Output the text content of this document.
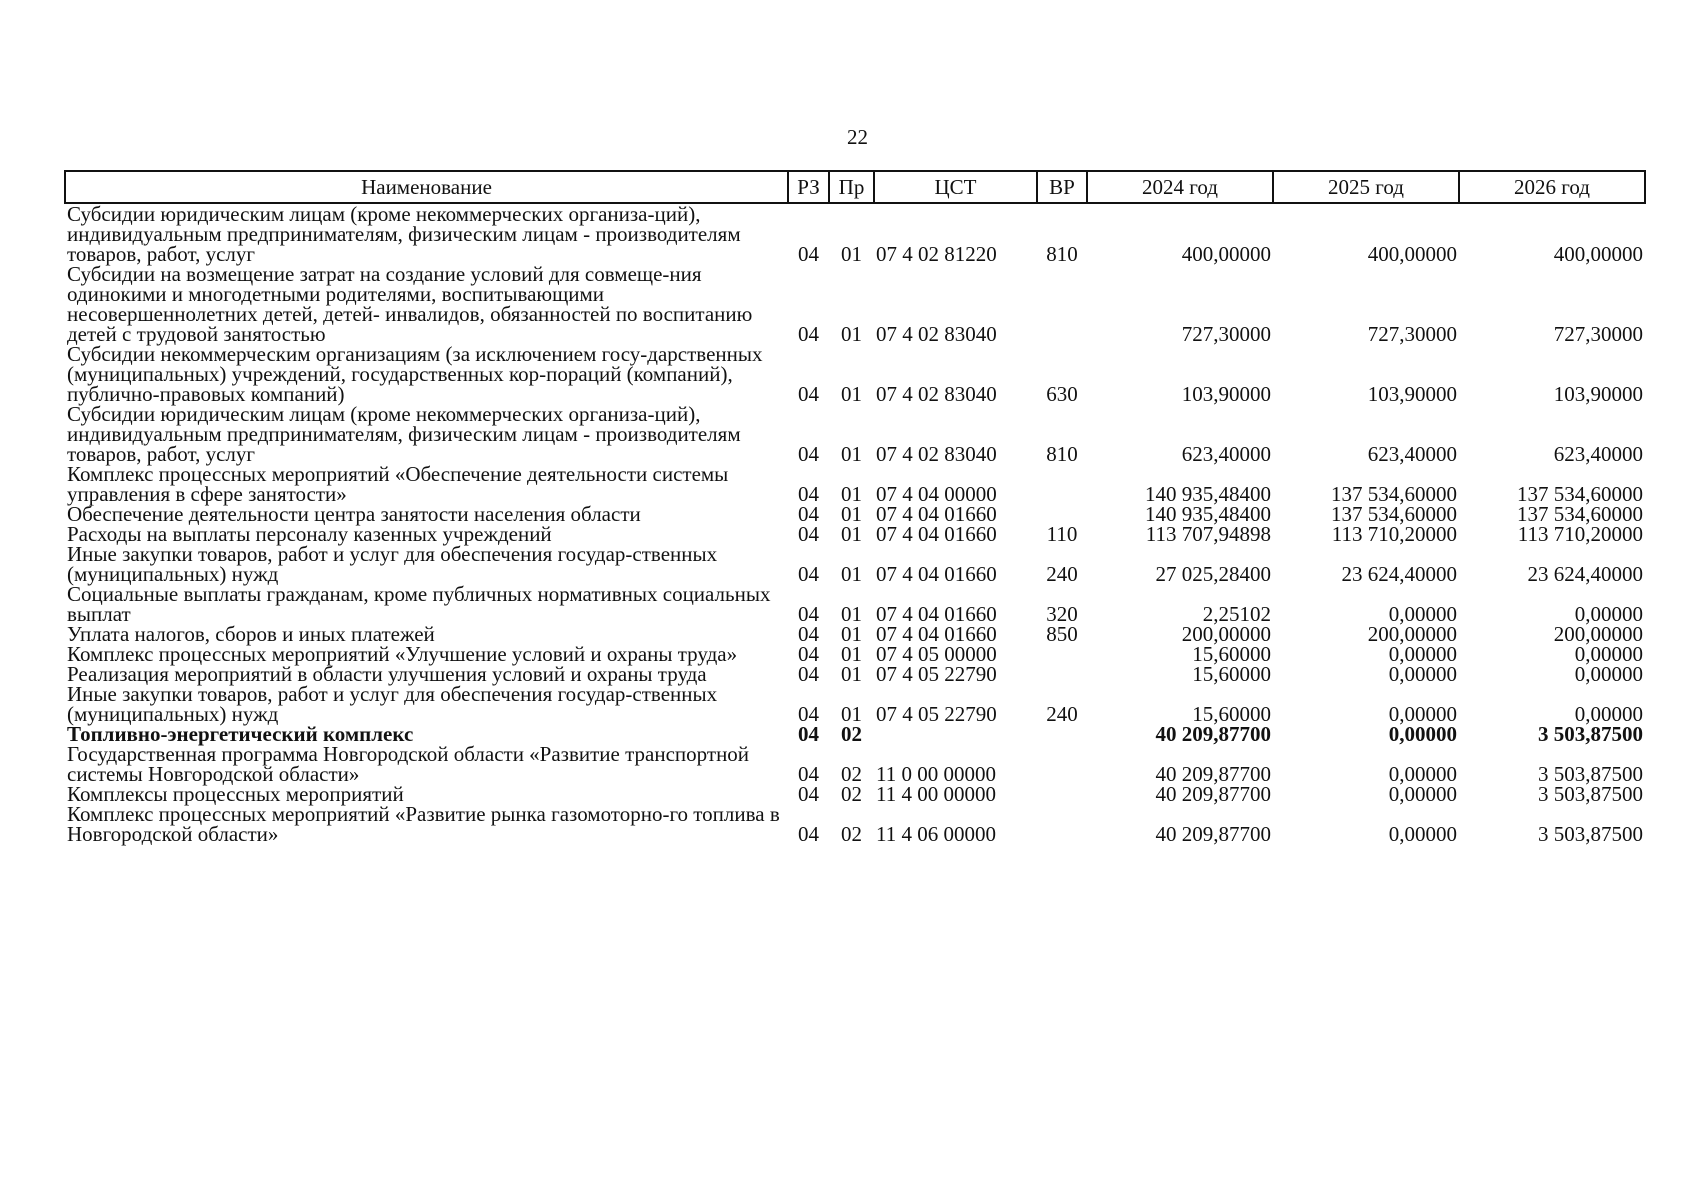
22
Наименование	РЗ	Пр	ЦСТ	ВР	2024 год	2025 год	2026 год
Субсидии юридическим лицам (кроме некоммерческих организа-ций), индивидуальным предпринимателям, физическим лицам - производителям товаров, работ, услуг	04	01	07 4 02 81220	810	400,00000	400,00000	400,00000
Субсидии на возмещение затрат на создание условий для совмеще-ния одинокими и многодетными родителями, воспитывающими несовершеннолетних детей, детей- инвалидов, обязанностей по воспитанию детей с трудовой занятостью	04	01	07 4 02 83040		727,30000	727,30000	727,30000
Субсидии некоммерческим организациям (за исключением госу-дарственных (муниципальных) учреждений, государственных кор-пораций (компаний), публично-правовых компаний)	04	01	07 4 02 83040	630	103,90000	103,90000	103,90000
Субсидии юридическим лицам (кроме некоммерческих организа-ций), индивидуальным предпринимателям, физическим лицам - производителям товаров, работ, услуг	04	01	07 4 02 83040	810	623,40000	623,40000	623,40000
Комплекс процессных мероприятий «Обеспечение деятельности системы управления в сфере занятости»	04	01	07 4 04 00000		140 935,48400	137 534,60000	137 534,60000
Обеспечение деятельности центра занятости населения области	04	01	07 4 04 01660		140 935,48400	137 534,60000	137 534,60000
Расходы на выплаты персоналу казенных учреждений	04	01	07 4 04 01660	110	113 707,94898	113 710,20000	113 710,20000
Иные закупки товаров, работ и услуг для обеспечения государ-ственных (муниципальных) нужд	04	01	07 4 04 01660	240	27 025,28400	23 624,40000	23 624,40000
Социальные выплаты гражданам, кроме публичных нормативных социальных выплат	04	01	07 4 04 01660	320	2,25102	0,00000	0,00000
Уплата налогов, сборов и иных платежей	04	01	07 4 04 01660	850	200,00000	200,00000	200,00000
Комплекс процессных мероприятий «Улучшение условий и охраны труда»	04	01	07 4 05 00000		15,60000	0,00000	0,00000
Реализация мероприятий в области улучшения условий и охраны труда	04	01	07 4 05 22790		15,60000	0,00000	0,00000
Иные закупки товаров, работ и услуг для обеспечения государ-ственных (муниципальных) нужд	04	01	07 4 05 22790	240	15,60000	0,00000	0,00000
Топливно-энергетический комплекс	04	02			40 209,87700	0,00000	3 503,87500
Государственная программа Новгородской области «Развитие транспортной системы Новгородской области»	04	02	11 0 00 00000		40 209,87700	0,00000	3 503,87500
Комплексы процессных мероприятий	04	02	11 4 00 00000		40 209,87700	0,00000	3 503,87500
Комплекс процессных мероприятий «Развитие рынка газомоторно-го топлива в Новгородской области»	04	02	11 4 06 00000		40 209,87700	0,00000	3 503,87500
